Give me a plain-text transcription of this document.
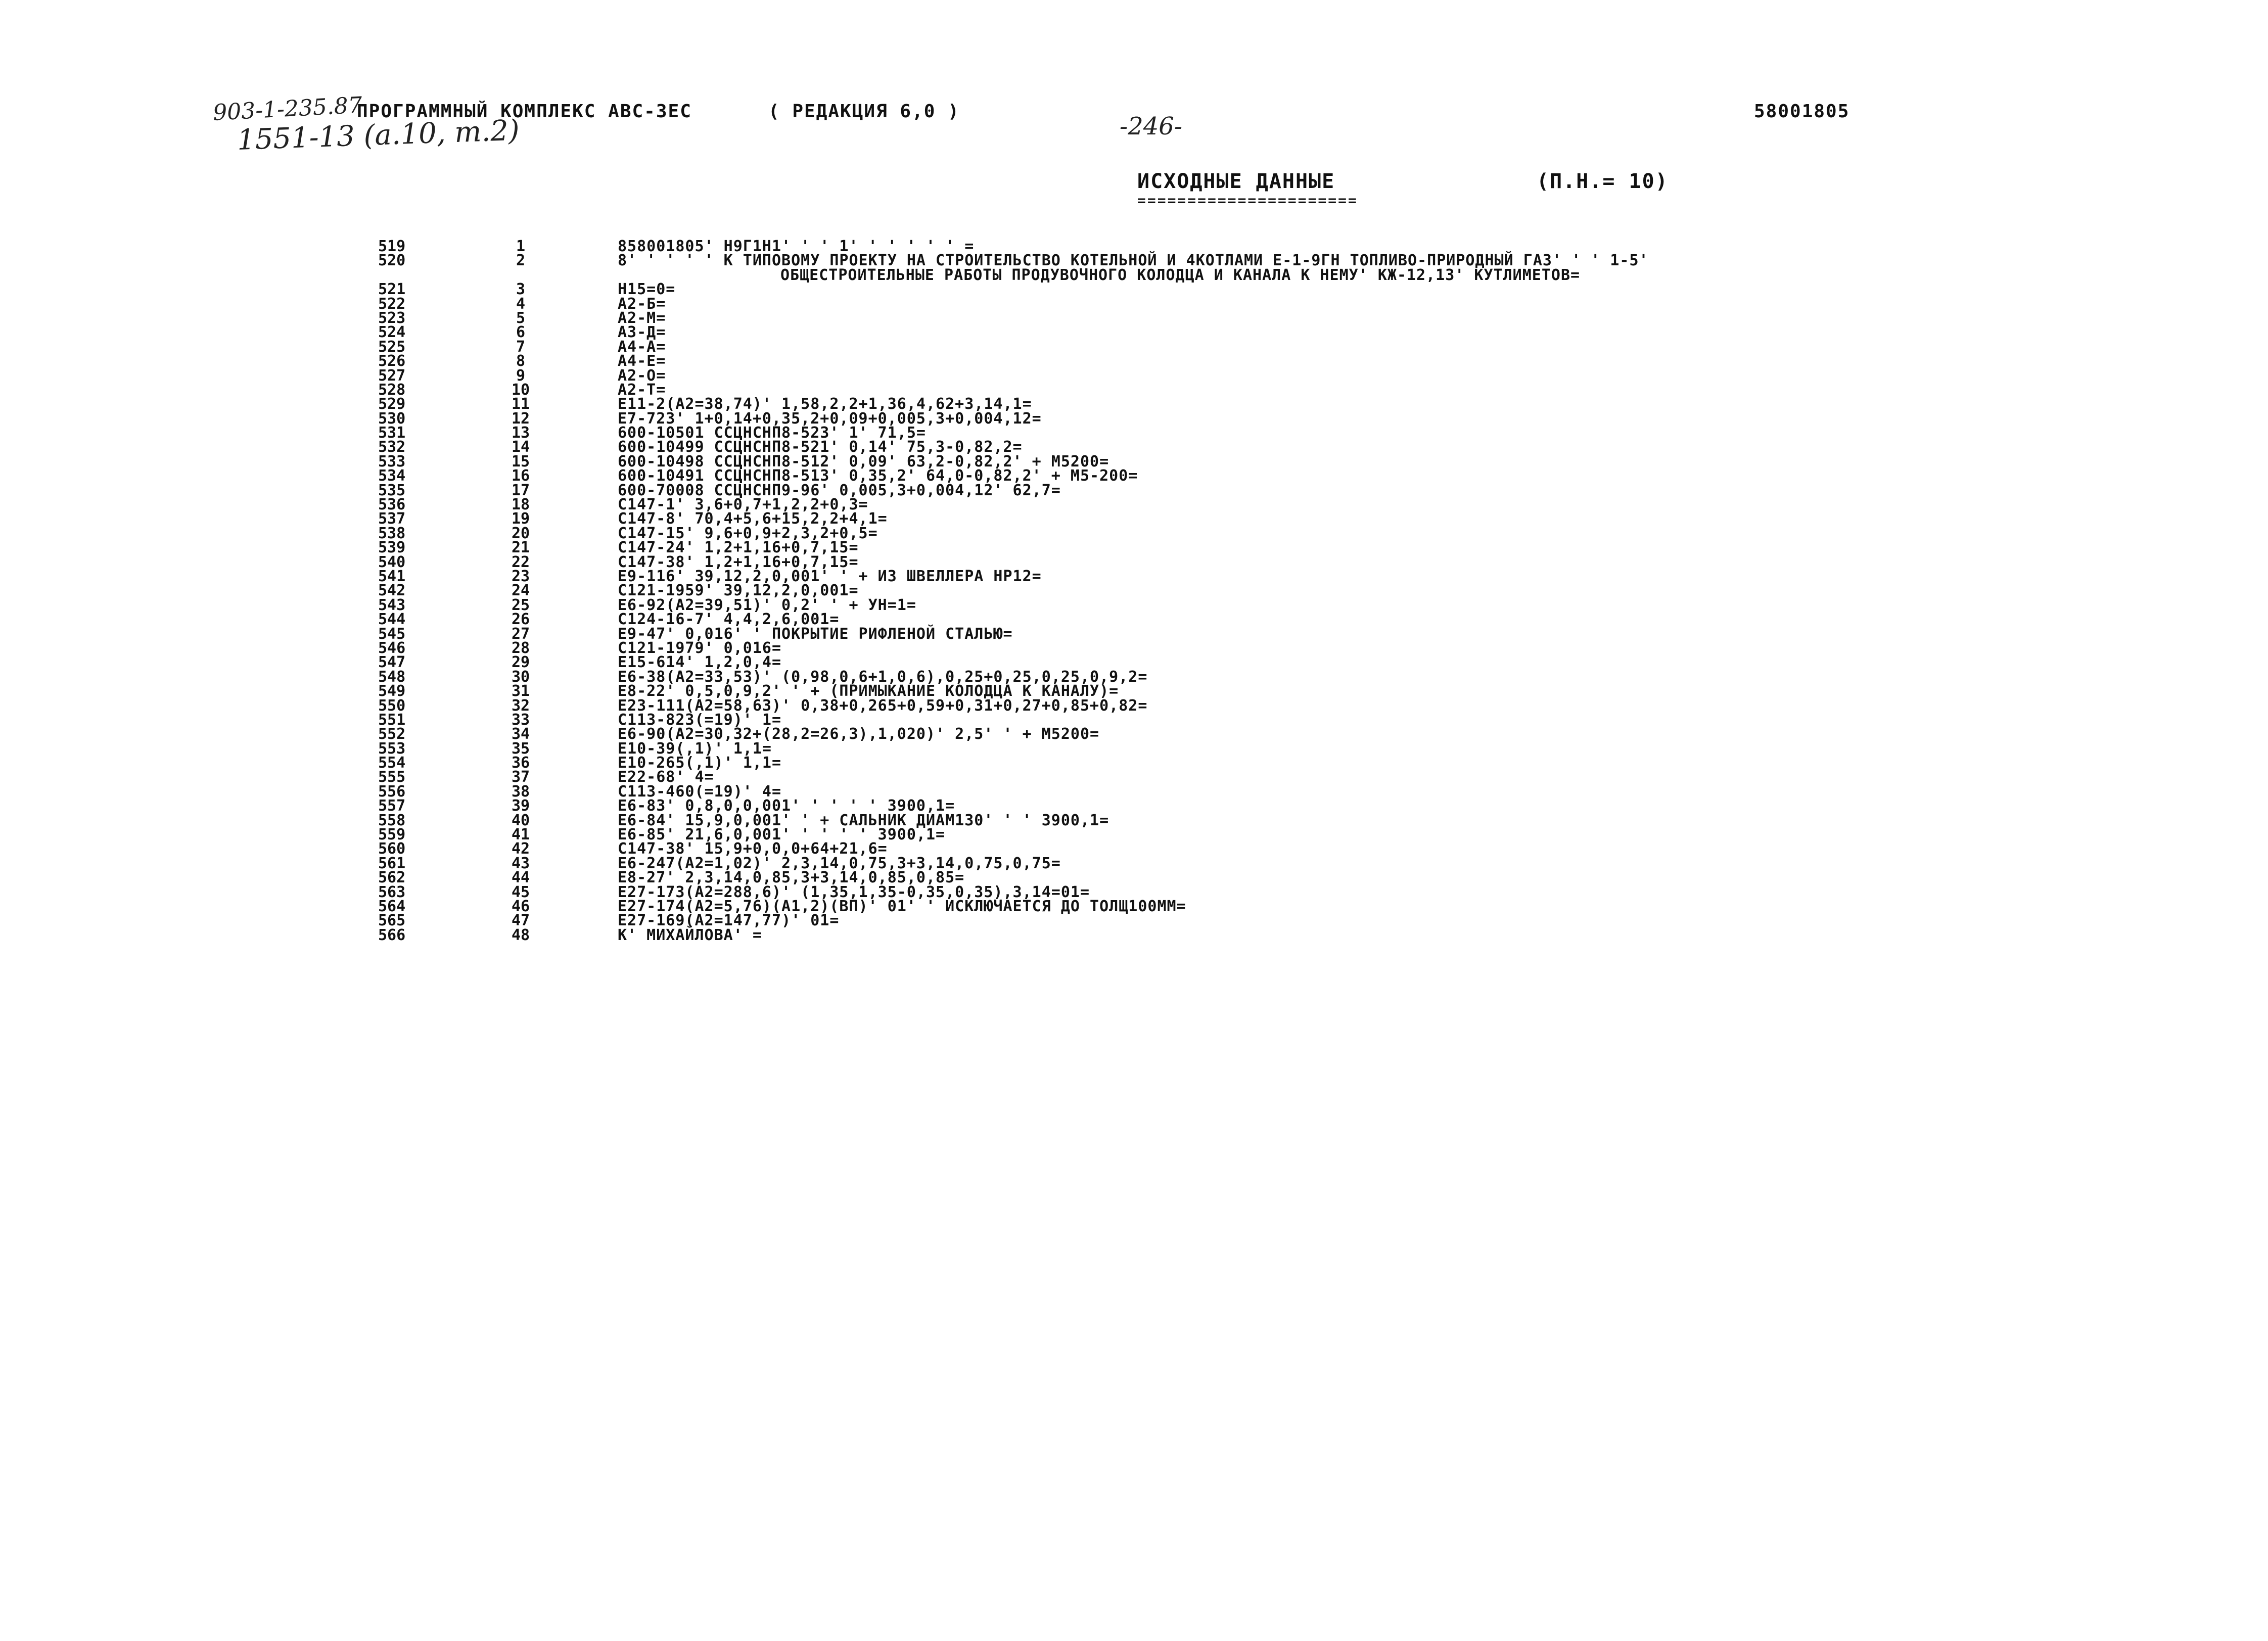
903-1-235.87
1551-13 (а.10, т.2)	-246-
ПРОГРАММНЫЙ КОМПЛЕКС АВС-ЗЕС	( РЕДАКЦИЯ 6,0 )	58001805
ИСХОДНЫЕ ДАННЫЕ
======================
(П.Н.= 10)
519	1	858001805' Н9Г1Н1' ' ' 1' ' ' ' ' ' =
520	2	8' ' ' ' ' К ТИПОВОМУ ПРОЕКТУ НА СТРОИТЕЛЬСТВО КОТЕЛЬНОЙ И 4КОТЛАМИ Е-1-9ГН ТОПЛИВО-ПРИРОДНЫЙ ГАЗ' ' ' 1-5'
ОБЩЕСТРОИТЕЛЬНЫЕ РАБОТЫ ПРОДУВОЧНОГО КОЛОДЦА И КАНАЛА К НЕМУ' КЖ-12,13' КУТЛИМЕТОВ=
521	3	Н15=0=
522	4	А2-Б=
523	5	А2-М=
524	6	А3-Д=
525	7	А4-А=
526	8	А4-Е=
527	9	А2-О=
528	10	А2-Т=
529	11	Е11-2(А2=38,74)' 1,58,2,2+1,36,4,62+3,14,1=
530	12	Е7-723' 1+0,14+0,35,2+0,09+0,005,3+0,004,12=
531	13	600-10501 ССЦНСНП8-523' 1' 71,5=
532	14	600-10499 ССЦНСНП8-521' 0,14' 75,3-0,82,2=
533	15	600-10498 ССЦНСНП8-512' 0,09' 63,2-0,82,2' + М5200=
534	16	600-10491 ССЦНСНП8-513' 0,35,2' 64,0-0,82,2' + М5-200=
535	17	600-70008 ССЦНСНП9-96' 0,005,3+0,004,12' 62,7=
536	18	С147-1' 3,6+0,7+1,2,2+0,3=
537	19	С147-8' 70,4+5,6+15,2,2+4,1=
538	20	С147-15' 9,6+0,9+2,3,2+0,5=
539	21	С147-24' 1,2+1,16+0,7,15=
540	22	С147-38' 1,2+1,16+0,7,15=
541	23	Е9-116' 39,12,2,0,001' ' + ИЗ ШВЕЛЛЕРА НР12=
542	24	С121-1959' 39,12,2,0,001=
543	25	Е6-92(А2=39,51)' 0,2' ' + УН=1=
544	26	С124-16-7' 4,4,2,6,001=
545	27	Е9-47' 0,016' ' ПОКРЫТИЕ РИФЛЕНОЙ СТАЛЬЮ=
546	28	С121-1979' 0,016=
547	29	Е15-614' 1,2,0,4=
548	30	Е6-38(А2=33,53)' (0,98,0,6+1,0,6),0,25+0,25,0,25,0,9,2=
549	31	Е8-22' 0,5,0,9,2' ' + (ПРИМЫКАНИЕ КОЛОДЦА К КАНАЛУ)=
550	32	Е23-111(А2=58,63)' 0,38+0,265+0,59+0,31+0,27+0,85+0,82=
551	33	С113-823(=19)' 1=
552	34	Е6-90(А2=30,32+(28,2=26,3),1,020)' 2,5' ' + М5200=
553	35	Е10-39(,1)' 1,1=
554	36	Е10-265(,1)' 1,1=
555	37	Е22-68' 4=
556	38	С113-460(=19)' 4=
557	39	Е6-83' 0,8,0,0,001' ' ' ' ' 3900,1=
558	40	Е6-84' 15,9,0,001' ' + САЛЬНИК ДИАМ130' ' ' 3900,1=
559	41	Е6-85' 21,6,0,001' ' ' ' ' 3900,1=
560	42	С147-38' 15,9+0,0,0+64+21,6=
561	43	Е6-247(А2=1,02)' 2,3,14,0,75,3+3,14,0,75,0,75=
562	44	Е8-27' 2,3,14,0,85,3+3,14,0,85,0,85=
563	45	Е27-173(А2=288,6)' (1,35,1,35-0,35,0,35),3,14=01=
564	46	Е27-174(А2=5,76)(А1,2)(ВП)' 01' ' ИСКЛЮЧАЕТСЯ ДО ТОЛЩ100ММ=
565	47	Е27-169(А2=147,77)' 01=
566	48	К' МИХАЙЛОВА' =
